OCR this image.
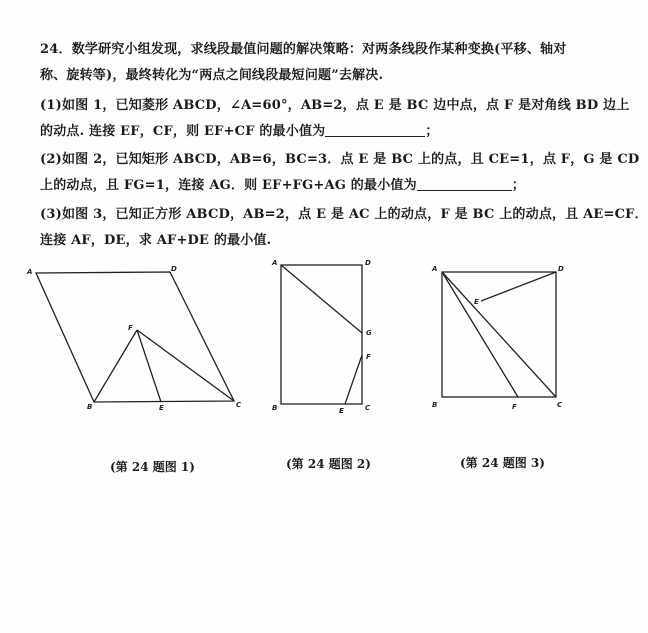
24．数学研究小组发现，求线段最值问题的解决策略：对两条线段作某种变换(平移、轴对
称、旋转等)，最终转化为“两点之间线段最短问题”去解决.
(1)如图 1，已知菱形 ABCD，∠A=60°，AB=2，点 E 是 BC 边中点，点 F 是对角线 BD 边上
的动点. 连接 EF，CF，则 EF+CF 的最小值为	；
(2)如图 2，已知矩形 ABCD，AB=6，BC=3．点 E 是 BC 上的点，且 CE=1，点 F，G 是 CD
上的动点，且 FG=1，连接 AG．则 EF+FG+AG 的最小值为	；
(3)如图 3，已知正方形 ABCD，AB=2，点 E 是 AC 上的动点，F 是 BC 上的动点，且 AE=CF．
连接 AF，DE，求 AF+DE 的最小值.
A	D
F
B	E	C
A	D
G
F
B	E	C
A	D
E
B	F	C
(第 24 题图 1)	(第 24 题图 2)	(第 24 题图 3)
